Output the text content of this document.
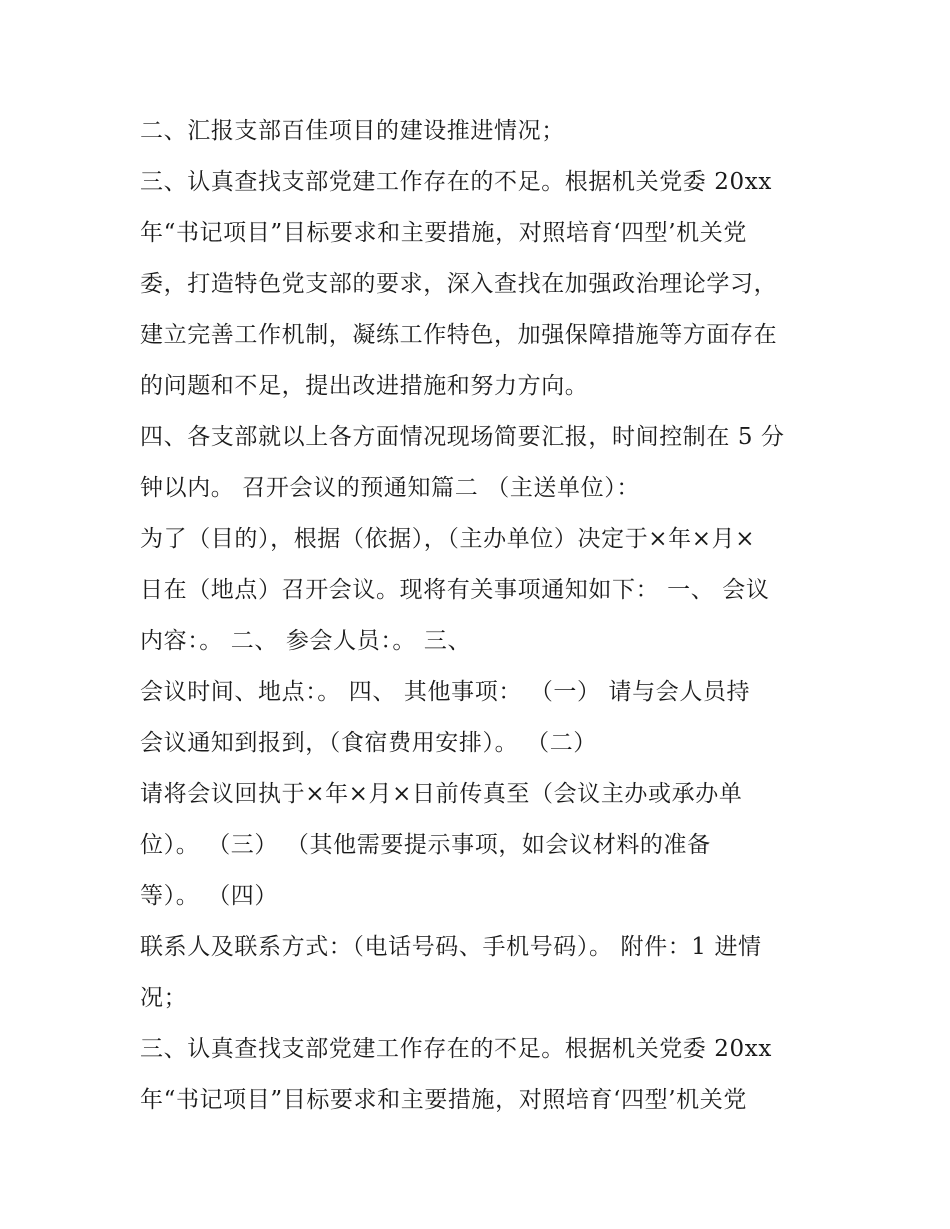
二、汇报支部百佳项目的建设推进情况；
三、认真查找支部党建工作存在的不足。根据机关党委 20xx
年“书记项目”目标要求和主要措施，对照培育‘四型’机关党
委，打造特色党支部的要求，深入查找在加强政治理论学习，
建立完善工作机制，凝练工作特色，加强保障措施等方面存在
的问题和不足，提出改进措施和努力方向。
四、各支部就以上各方面情况现场简要汇报，时间控制在 5 分
钟以内。 召开会议的预通知篇二 （主送单位）：
为了（目的），根据（依据），（主办单位）决定于×年×月×
日在（地点）召开会议。现将有关事项通知如下： 一、 会议
内容：。 二、 参会人员：。 三、
会议时间、地点：。 四、 其他事项： （一） 请与会人员持
会议通知到报到，（食宿费用安排）。 （二）
请将会议回执于×年×月×日前传真至（会议主办或承办单
位）。 （三） （其他需要提示事项，如会议材料的准备
等）。 （四）
联系人及联系方式：（电话号码、手机号码）。 附件：1 进情
况；
三、认真查找支部党建工作存在的不足。根据机关党委 20xx
年“书记项目”目标要求和主要措施，对照培育‘四型’机关党
